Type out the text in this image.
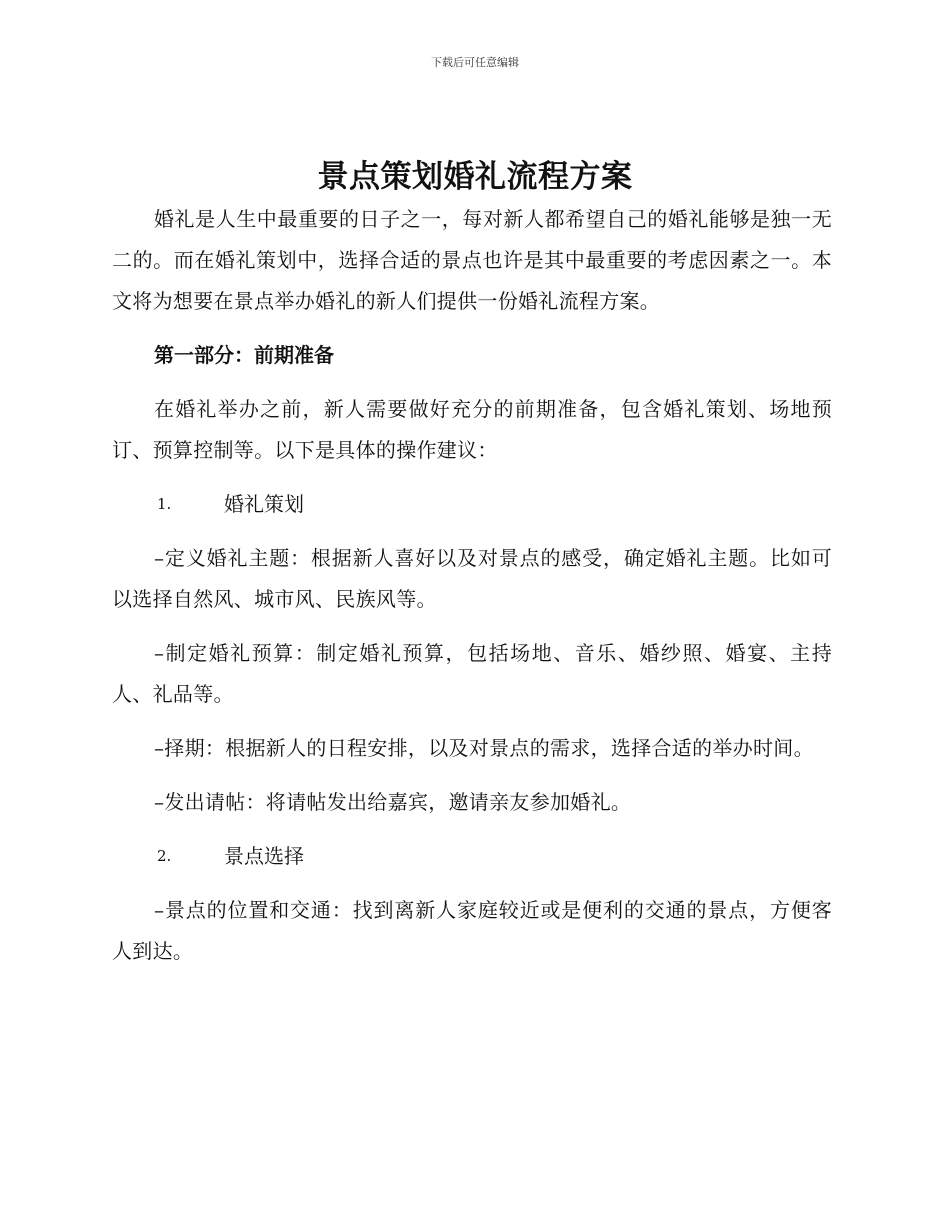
下载后可任意编辑
景点策划婚礼流程方案

婚礼是人生中最重要的日子之一，每对新人都希望自己的婚礼能够是独一无二的。而在婚礼策划中，选择合适的景点也许是其中最重要的考虑因素之一。本文将为想要在景点举办婚礼的新人们提供一份婚礼流程方案。

第一部分：前期准备

在婚礼举办之前，新人需要做好充分的前期准备，包含婚礼策划、场地预订、预算控制等。以下是具体的操作建议：

1.	婚礼策划

–定义婚礼主题：根据新人喜好以及对景点的感受，确定婚礼主题。比如可以选择自然风、城市风、民族风等。

–制定婚礼预算：制定婚礼预算，包括场地、音乐、婚纱照、婚宴、主持人、礼品等。

–择期：根据新人的日程安排，以及对景点的需求，选择合适的举办时间。

–发出请帖：将请帖发出给嘉宾，邀请亲友参加婚礼。

2.	景点选择

–景点的位置和交通：找到离新人家庭较近或是便利的交通的景点，方便客人到达。
